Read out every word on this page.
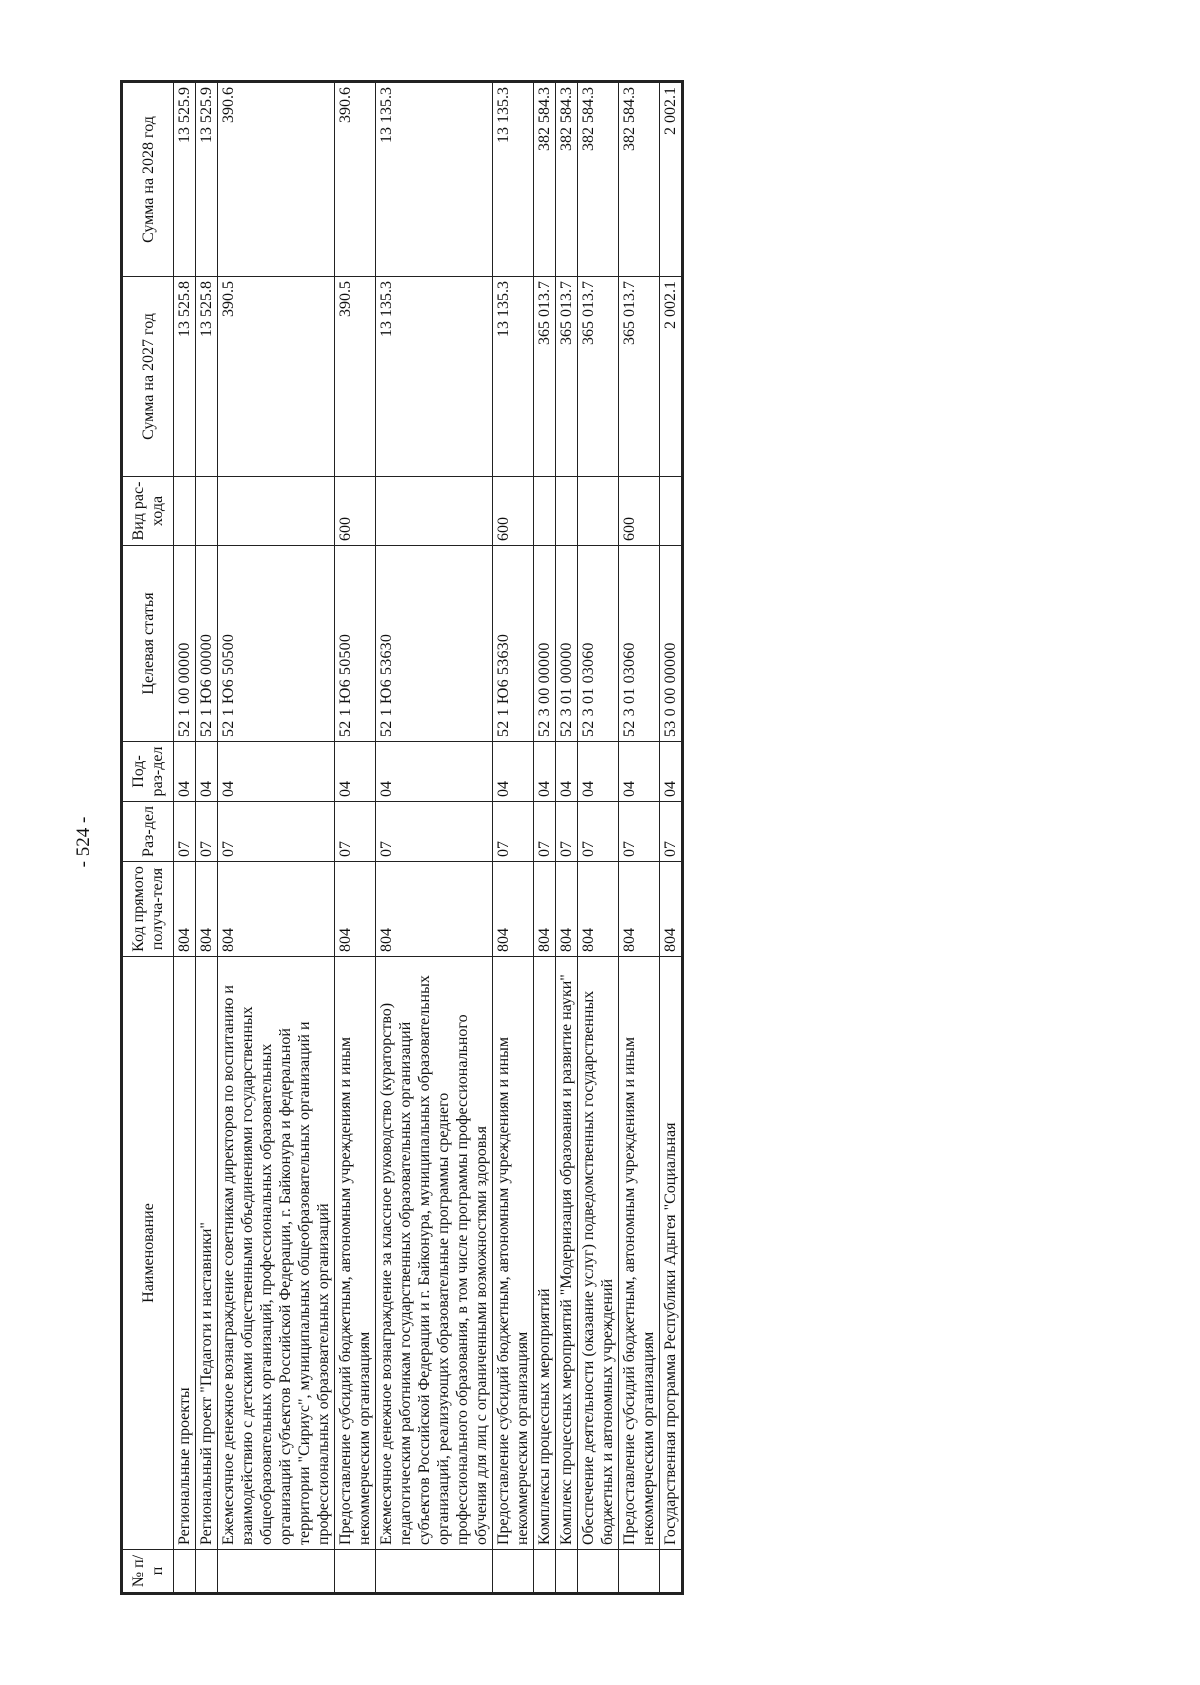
- 524 -
№ п/п	Наименование	Код прямого получа-теля	Раз-дел	Под-раз-дел	Целевая статья	Вид рас-хода	Сумма на 2027 год	Сумма на 2028 год
	Региональные проекты	804	07	04	52 1 00 00000		13 525.8	13 525.9
	Региональный проект "Педагоги и наставники"	804	07	04	52 1 Ю6 00000		13 525.8	13 525.9
	Ежемесячное денежное вознаграждение советникам директоров по воспитанию и взаимодействию с детскими общественными объединениями государственных общеобразовательных организаций, профессиональных образовательных организаций субъектов Российской Федерации, г. Байконура и федеральной территории "Сириус", муниципальных общеобразовательных организаций и профессиональных образовательных организаций	804	07	04	52 1 Ю6 50500		390.5	390.6
	Предоставление субсидий бюджетным, автономным учреждениям и иным некоммерческим организациям	804	07	04	52 1 Ю6 50500	600	390.5	390.6
	Ежемесячное денежное вознаграждение за классное руководство (кураторство) педагогическим работникам государственных образовательных организаций субъектов Российской Федерации и г. Байконура, муниципальных образовательных организаций, реализующих образовательные программы среднего профессионального образования, в том числе программы профессионального обучения для лиц с ограниченными возможностями здоровья	804	07	04	52 1 Ю6 53630		13 135.3	13 135.3
	Предоставление субсидий бюджетным, автономным учреждениям и иным некоммерческим организациям	804	07	04	52 1 Ю6 53630	600	13 135.3	13 135.3
	Комплексы процессных мероприятий	804	07	04	52 3 00 00000		365 013.7	382 584.3
	Комплекс процессных мероприятий "Модернизация образования и развитие науки"	804	07	04	52 3 01 00000		365 013.7	382 584.3
	Обеспечение деятельности (оказание услуг) подведомственных государственных бюджетных и автономных учреждений	804	07	04	52 3 01 03060		365 013.7	382 584.3
	Предоставление субсидий бюджетным, автономным учреждениям и иным некоммерческим организациям	804	07	04	52 3 01 03060	600	365 013.7	382 584.3
	Государственная программа Республики Адыгея "Социальная	804	07	04	53 0 00 00000		2 002.1	2 002.1
